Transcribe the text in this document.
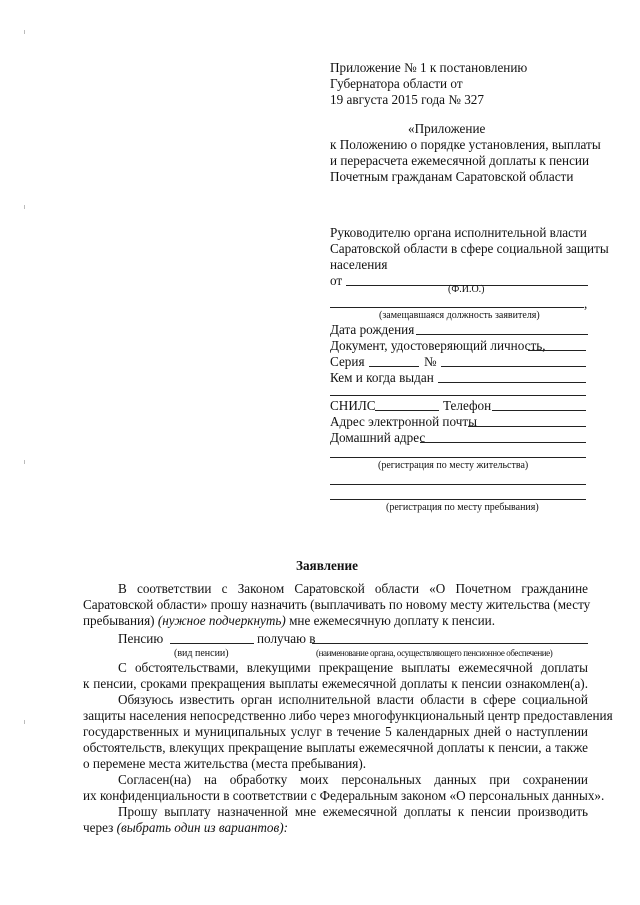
Приложение № 1 к постановлению
Губернатора области от
19 августа 2015 года № 327
«Приложение
к Положению о порядке установления, выплаты
и перерасчета ежемесячной доплаты к пенсии
Почетным гражданам Саратовской области
Руководителю органа исполнительной власти
Саратовской области в сфере социальной защиты
населения
от
(Ф.И.О.)
,
(замещавшаяся должность заявителя)
Дата рождения
Документ, удостоверяющий личность,
Серия	№
Кем и когда выдан
СНИЛС	Телефон
Адрес электронной почты
Домашний адрес
(регистрация по месту жительства)
(регистрация по месту пребывания)
Заявление
В соответствии с Законом Саратовской области «О Почетном гражданине
Саратовской области» прошу назначить (выплачивать по новому месту жительства (месту
пребывания) (нужное подчеркнуть) мне ежемесячную доплату к пенсии.
Пенсию	получаю в
(вид пенсии)	(наименование органа, осуществляющего пенсионное обеспечение)
С обстоятельствами, влекущими прекращение выплаты ежемесячной доплаты
к пенсии, сроками прекращения выплаты ежемесячной доплаты к пенсии ознакомлен(а).
Обязуюсь известить орган исполнительной власти области в сфере социальной
защиты населения непосредственно либо через многофункциональный центр предоставления
государственных и муниципальных услуг в течение 5 календарных дней о наступлении
обстоятельств, влекущих прекращение выплаты ежемесячной доплаты к пенсии, а также
о перемене места жительства (места пребывания).
Согласен(на) на обработку моих персональных данных при сохранении
их конфиденциальности в соответствии с Федеральным законом «О персональных данных».
Прошу выплату назначенной мне ежемесячной доплаты к пенсии производить
через (выбрать один из вариантов):
